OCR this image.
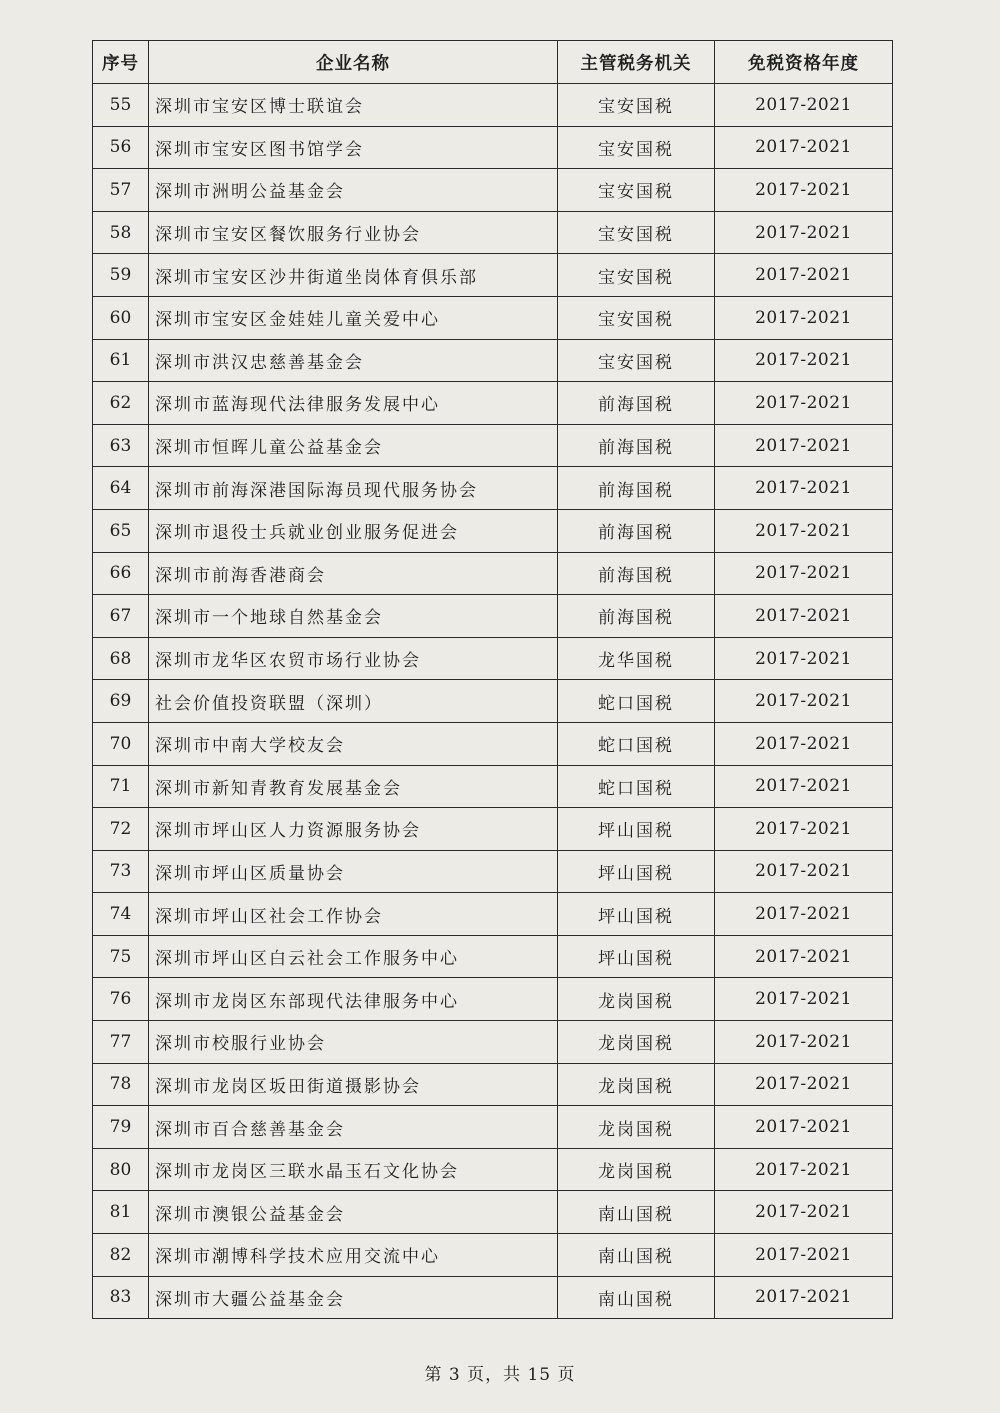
序号	企业名称	主管税务机关	免税资格年度
55	深圳市宝安区博士联谊会	宝安国税	2017-2021
56	深圳市宝安区图书馆学会	宝安国税	2017-2021
57	深圳市洲明公益基金会	宝安国税	2017-2021
58	深圳市宝安区餐饮服务行业协会	宝安国税	2017-2021
59	深圳市宝安区沙井街道坐岗体育俱乐部	宝安国税	2017-2021
60	深圳市宝安区金娃娃儿童关爱中心	宝安国税	2017-2021
61	深圳市洪汉忠慈善基金会	宝安国税	2017-2021
62	深圳市蓝海现代法律服务发展中心	前海国税	2017-2021
63	深圳市恒晖儿童公益基金会	前海国税	2017-2021
64	深圳市前海深港国际海员现代服务协会	前海国税	2017-2021
65	深圳市退役士兵就业创业服务促进会	前海国税	2017-2021
66	深圳市前海香港商会	前海国税	2017-2021
67	深圳市一个地球自然基金会	前海国税	2017-2021
68	深圳市龙华区农贸市场行业协会	龙华国税	2017-2021
69	社会价值投资联盟（深圳）	蛇口国税	2017-2021
70	深圳市中南大学校友会	蛇口国税	2017-2021
71	深圳市新知青教育发展基金会	蛇口国税	2017-2021
72	深圳市坪山区人力资源服务协会	坪山国税	2017-2021
73	深圳市坪山区质量协会	坪山国税	2017-2021
74	深圳市坪山区社会工作协会	坪山国税	2017-2021
75	深圳市坪山区白云社会工作服务中心	坪山国税	2017-2021
76	深圳市龙岗区东部现代法律服务中心	龙岗国税	2017-2021
77	深圳市校服行业协会	龙岗国税	2017-2021
78	深圳市龙岗区坂田街道摄影协会	龙岗国税	2017-2021
79	深圳市百合慈善基金会	龙岗国税	2017-2021
80	深圳市龙岗区三联水晶玉石文化协会	龙岗国税	2017-2021
81	深圳市澳银公益基金会	南山国税	2017-2021
82	深圳市潮博科学技术应用交流中心	南山国税	2017-2021
83	深圳市大疆公益基金会	南山国税	2017-2021
第 3 页，共 15 页
